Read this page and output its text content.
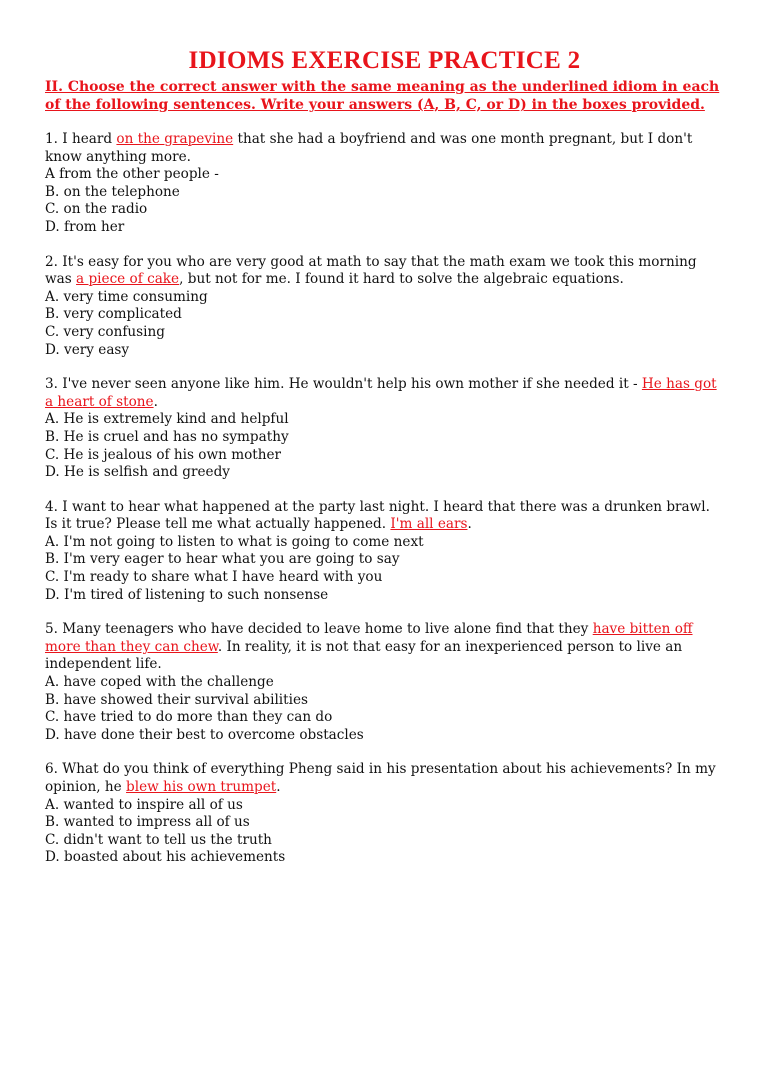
IDIOMS EXERCISE PRACTICE 2
II. Choose the correct answer with the same meaning as the underlined idiom in each of the following sentences. Write your answers (A, B, C, or D) in the boxes provided.

1. I heard on the grapevine that she had a boyfriend and was one month pregnant, but I don't know anything more.

A from the other people -

B. on the telephone

C. on the radio

D. from her

2. It's easy for you who are very good at math to say that the math exam we took this morning was a piece of cake, but not for me. I found it hard to solve the algebraic equations.

A. very time consuming

B. very complicated

C. very confusing

D. very easy

3. I've never seen anyone like him. He wouldn't help his own mother if she needed it - He has got a heart of stone.

A. He is extremely kind and helpful

B. He is cruel and has no sympathy

C. He is jealous of his own mother

D. He is selfish and greedy

4. I want to hear what happened at the party last night. I heard that there was a drunken brawl. Is it true? Please tell me what actually happened. I'm all ears.

A. I'm not going to listen to what is going to come next

B. I'm very eager to hear what you are going to say

C. I'm ready to share what I have heard with you

D. I'm tired of listening to such nonsense

5. Many teenagers who have decided to leave home to live alone find that they have bitten off more than they can chew. In reality, it is not that easy for an inexperienced person to live an independent life.

A. have coped with the challenge

B. have showed their survival abilities

C. have tried to do more than they can do

D. have done their best to overcome obstacles

6. What do you think of everything Pheng said in his presentation about his achievements? In my opinion, he blew his own trumpet.

A. wanted to inspire all of us

B. wanted to impress all of us

C. didn't want to tell us the truth

D. boasted about his achievements
